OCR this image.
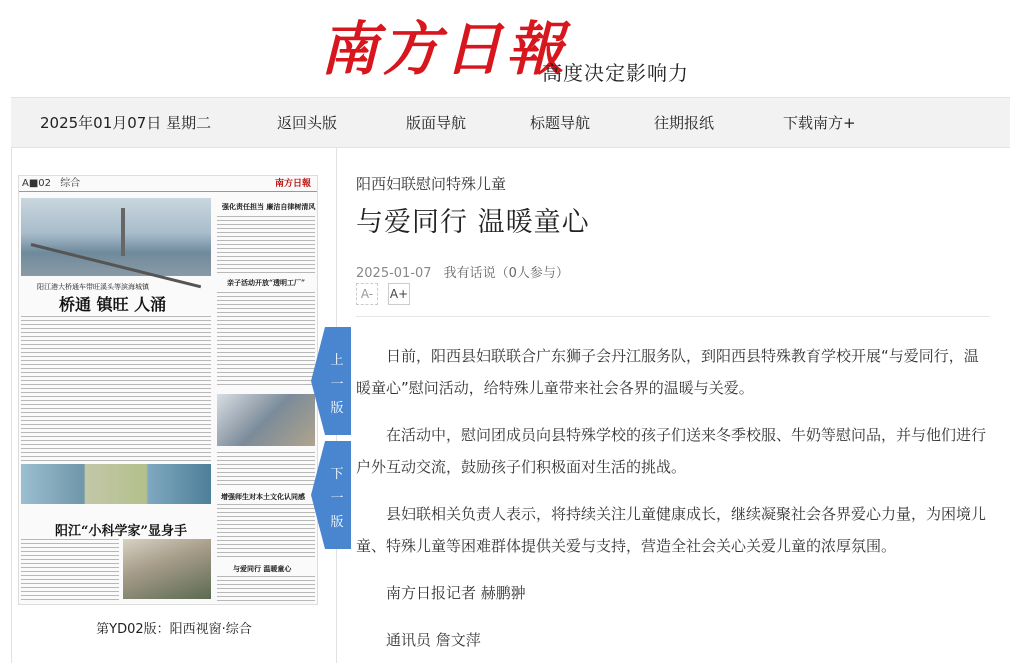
南方日報
高度决定影响力
2025年01月07日 星期二	返回头版	版面导航	标题导航	往期报纸	下载南方+
A■02 综合	南方日報
阳江港大桥通车带旺溪头等滨海城镇
桥通 镇旺 人涌
强化责任担当 廉洁自律树清风
亲子活动开放“透明工厂”
增强师生对本土文化认同感
与爱同行 温暖童心
阳江“小科学家”显身手
第YD02版：阳西视窗·综合
上
一
版
下
一
版
阳西妇联慰问特殊儿童
与爱同行 温暖童心
2025-01-07 我有话说（0人参与）
A-	A+

日前，阳西县妇联联合广东狮子会丹江服务队，到阳西县特殊教育学校开展“与爱同行，温暖童心”慰问活动，给特殊儿童带来社会各界的温暖与关爱。

在活动中，慰问团成员向县特殊学校的孩子们送来冬季校服、牛奶等慰问品，并与他们进行户外互动交流，鼓励孩子们积极面对生活的挑战。

县妇联相关负责人表示，将持续关注儿童健康成长，继续凝聚社会各界爱心力量，为困境儿童、特殊儿童等困难群体提供关爱与支持，营造全社会关心关爱儿童的浓厚氛围。

南方日报记者 赫鹏翀

通讯员 詹文萍
